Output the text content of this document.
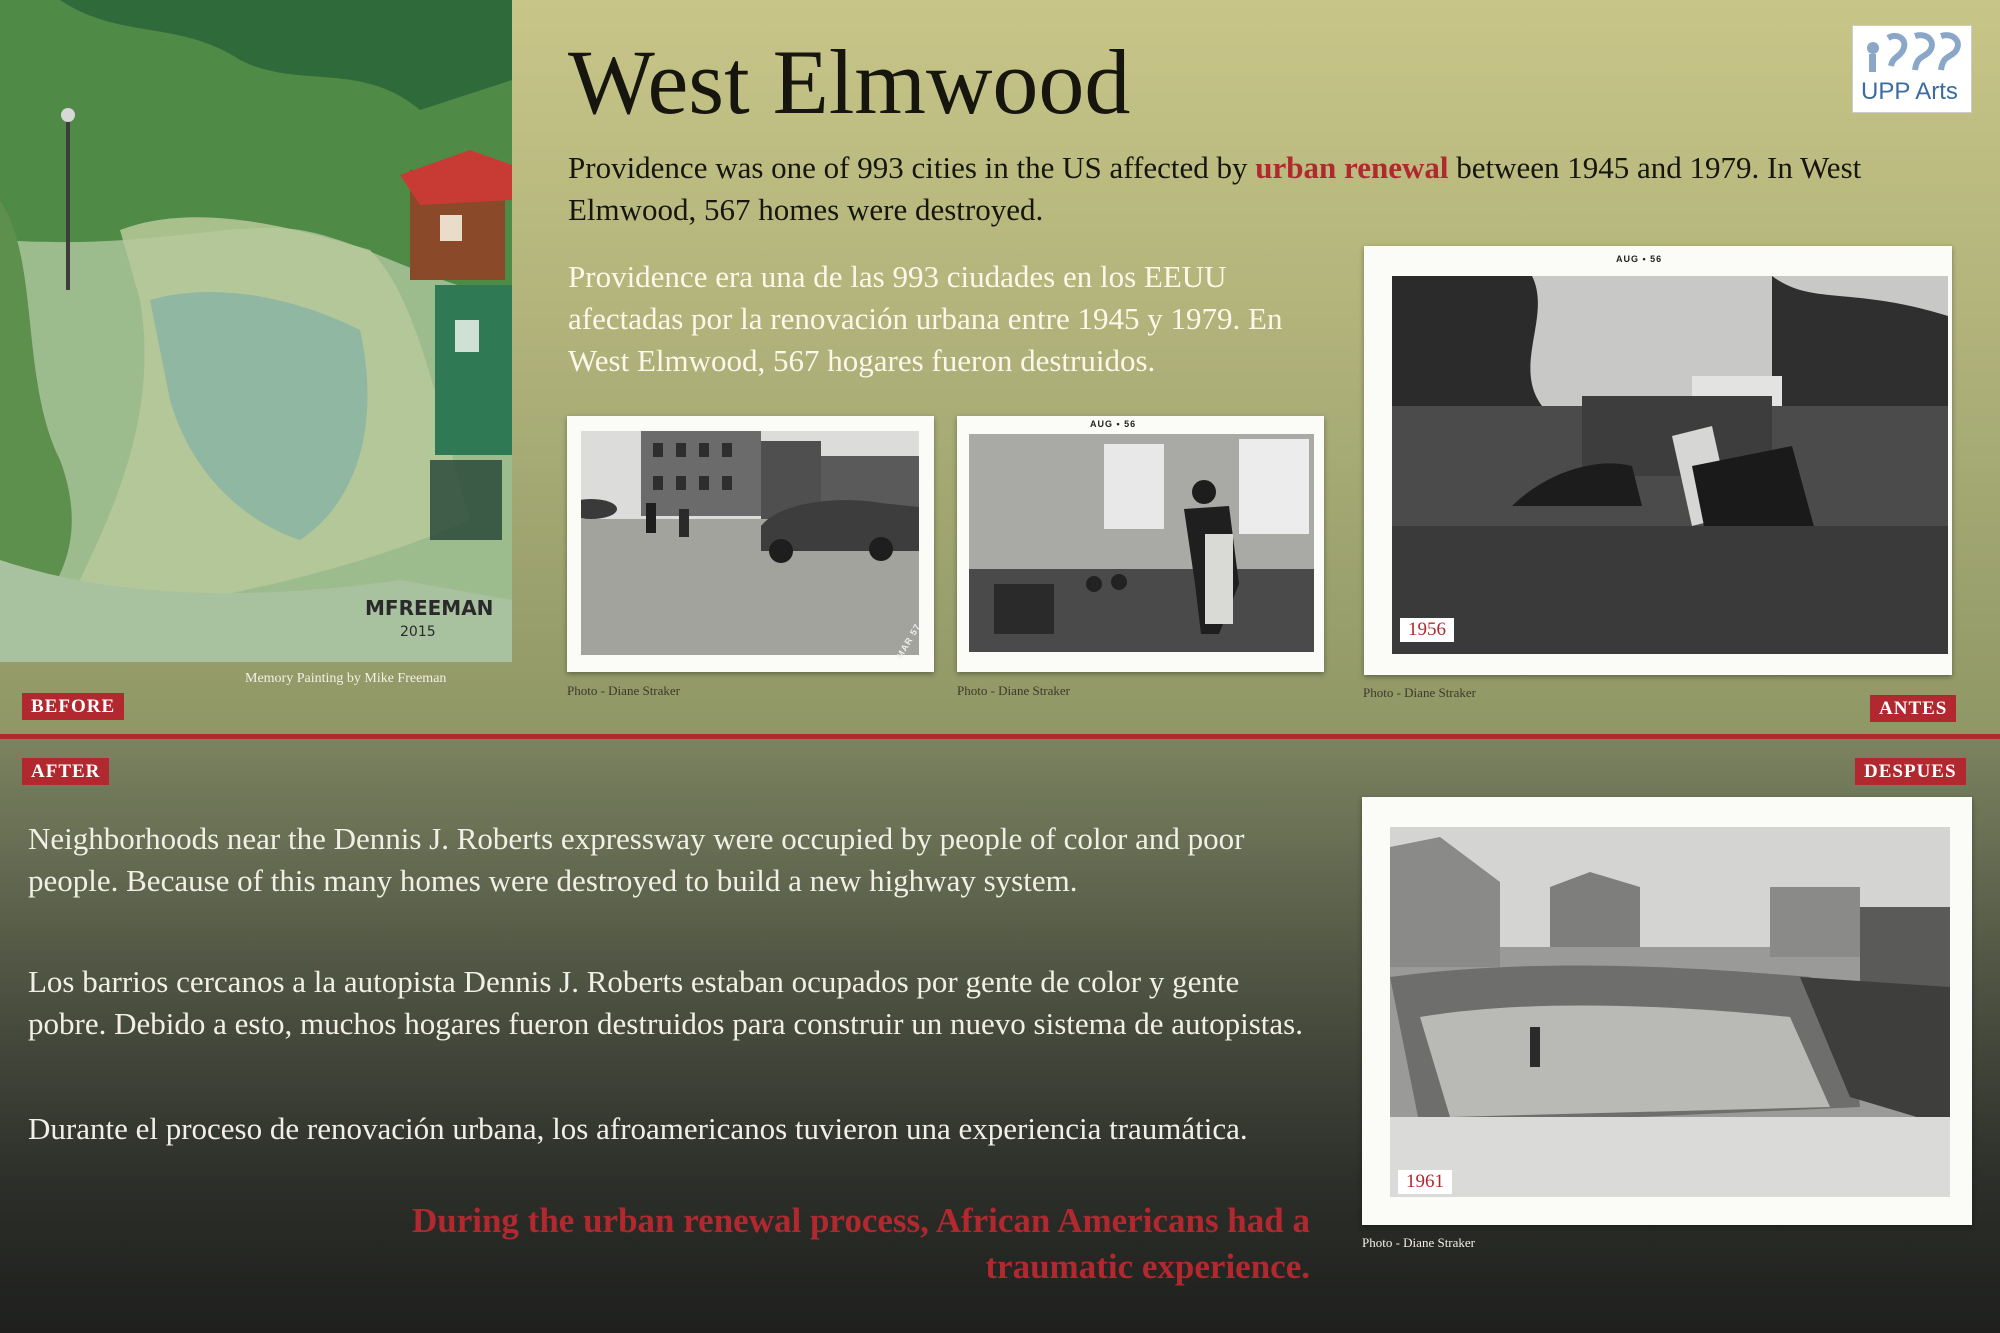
MFREEMAN
2015
Memory Painting by Mike Freeman
BEFORE
West Elmwood	UPP Arts
Providence was one of 993 cities in the US affected by urban renewal between 1945 and 1979. In West Elmwood, 567 homes were destroyed.
Providence era una de las 993 ciudades en los EEUU afectadas por la renovación urbana entre 1945 y 1979. En West Elmwood, 567 hogares fueron destruidos.
MAR 57
Photo - Diane Straker
AUG • 56
Photo - Diane Straker
AUG • 56
1956
Photo - Diane Straker
ANTES
AFTER	DESPUES
Neighborhoods near the Dennis J. Roberts expressway were occupied by people of color and poor people. Because of this many homes were destroyed to build a new highway system.
Los barrios cercanos a la autopista Dennis J. Roberts estaban ocupados por gente de color y gente pobre. Debido a esto, muchos hogares fueron destruidos para construir un nuevo sistema de autopistas.
Durante el proceso de renovación urbana, los afroamericanos tuvieron una experiencia traumática.
During the urban renewal process, African Americans had a traumatic experience.
1961
Photo - Diane Straker
